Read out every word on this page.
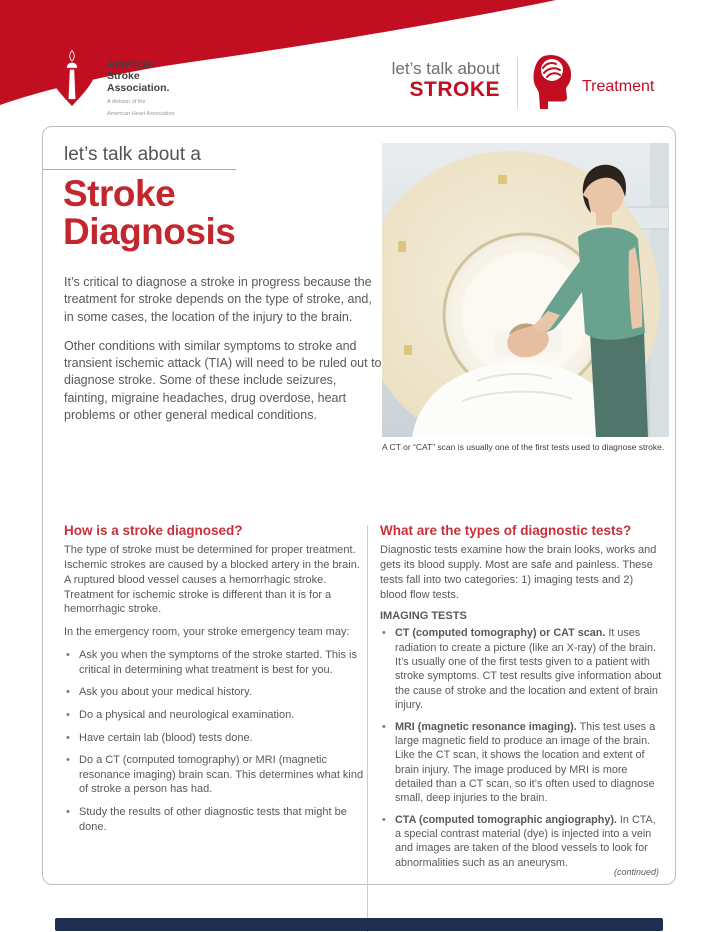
American
Stroke
Association.
A division of the
American Heart Association
let’s talk about
STROKE	Treatment
let’s talk about a
Stroke
Diagnosis

It’s critical to diagnose a stroke in progress because the treatment for stroke depends on the type of stroke, and, in some cases, the location of the injury to the brain.

Other conditions with similar symptoms to stroke and transient ischemic attack (TIA) will need to be ruled out to diagnose stroke. Some of these include seizures, fainting, migraine headaches, drug overdose, heart problems or other general medical conditions.

A CT or “CAT” scan is usually one of the first tests used to diagnose stroke.
How is a stroke diagnosed?

The type of stroke must be determined for proper treatment. Ischemic strokes are caused by a blocked artery in the brain. A ruptured blood vessel causes a hemorrhagic stroke. Treatment for ischemic stroke is different than it is for a hemorrhagic stroke.

In the emergency room, your stroke emergency team may:

• Ask you when the symptoms of the stroke started. This is critical in determining what treatment is best for you.
• Ask you about your medical history.
• Do a physical and neurological examination.
• Have certain lab (blood) tests done.
• Do a CT (computed tomography) or MRI (magnetic resonance imaging) brain scan. This determines what kind of stroke a person has had.
• Study the results of other diagnostic tests that might be done.
What are the types of diagnostic tests?

Diagnostic tests examine how the brain looks, works and gets its blood supply. Most are safe and painless. These tests fall into two categories: 1) imaging tests and 2) blood flow tests.

IMAGING TESTS
• CT (computed tomography) or CAT scan. It uses radiation to create a picture (like an X-ray) of the brain. It’s usually one of the first tests given to a patient with stroke symptoms. CT test results give information about the cause of stroke and the location and extent of brain injury.
• MRI (magnetic resonance imaging). This test uses a large magnetic field to produce an image of the brain. Like the CT scan, it shows the location and extent of brain injury. The image produced by MRI is more detailed than a CT scan, so it’s often used to diagnose small, deep injuries to the brain.
• CTA (computed tomographic angiography). In CTA, a special contrast material (dye) is injected into a vein and images are taken of the blood vessels to look for abnormalities such as an aneurysm.
(continued)
